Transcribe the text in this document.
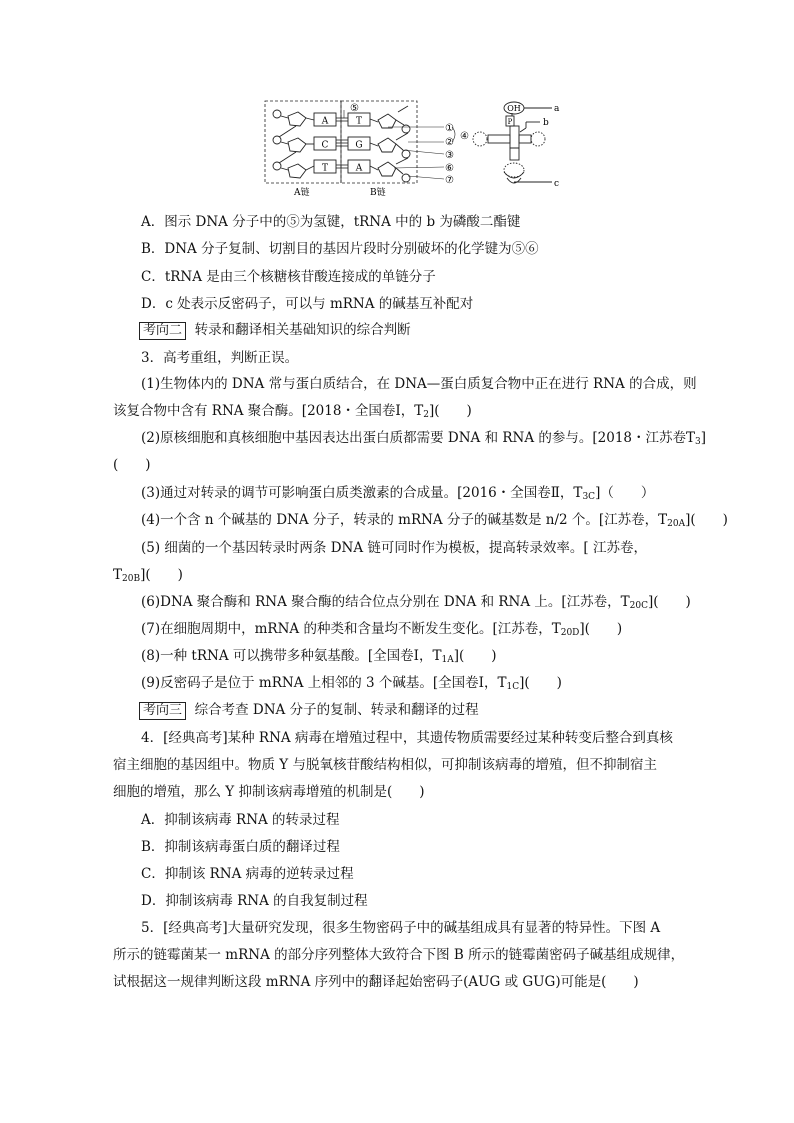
A
C
T
T
G
A
⑤
①
②
③
④
⑥
⑦
A链	B链
OH
P
a
b
c
A．图示 DNA 分子中的⑤为氢键，tRNA 中的 b 为磷酸二酯键
B．DNA 分子复制、切割目的基因片段时分别破坏的化学键为⑤⑥
C．tRNA 是由三个核糖核苷酸连接成的单链分子
D．c 处表示反密码子，可以与 mRNA 的碱基互补配对
考向二 转录和翻译相关基础知识的综合判断
3．高考重组，判断正误。
(1)生物体内的 DNA 常与蛋白质结合，在 DNA—蛋白质复合物中正在进行 RNA 的合成，则
该复合物中含有 RNA 聚合酶。[2018・全国卷Ⅰ，$T_2$](　　)
(2)原核细胞和真核细胞中基因表达出蛋白质都需要 DNA 和 RNA 的参与。[2018・江苏卷$T_3$]
(　　)
(3)通过对转录的调节可影响蛋白质类激素的合成量。[2016・全国卷Ⅱ，$T_{3C}$]（　　）
(4)一个含 n 个碱基的 DNA 分子，转录的 mRNA 分子的碱基数是 n/2 个。[江苏卷，$T_{20A}$](　　)
(5) 细菌的一个基因转录时两条 DNA 链可同时作为模板，提高转录效率。[ 江苏卷，
$T_{20B}$](　　)
(6)DNA 聚合酶和 RNA 聚合酶的结合位点分别在 DNA 和 RNA 上。[江苏卷，$T_{20C}$](　　)
(7)在细胞周期中，mRNA 的种类和含量均不断发生变化。[江苏卷，$T_{20D}$](　　)
(8)一种 tRNA 可以携带多种氨基酸。[全国卷Ⅰ，$T_{1A}$](　　)
(9)反密码子是位于 mRNA 上相邻的 3 个碱基。[全国卷Ⅰ，$T_{1C}$](　　)
考向三 综合考查 DNA 分子的复制、转录和翻译的过程
4．[经典高考]某种 RNA 病毒在增殖过程中，其遗传物质需要经过某种转变后整合到真核
宿主细胞的基因组中。物质 Y 与脱氧核苷酸结构相似，可抑制该病毒的增殖，但不抑制宿主
细胞的增殖，那么 Y 抑制该病毒增殖的机制是(　　)
A．抑制该病毒 RNA 的转录过程
B．抑制该病毒蛋白质的翻译过程
C．抑制该 RNA 病毒的逆转录过程
D．抑制该病毒 RNA 的自我复制过程
5．[经典高考]大量研究发现，很多生物密码子中的碱基组成具有显著的特异性。下图 A
所示的链霉菌某一 mRNA 的部分序列整体大致符合下图 B 所示的链霉菌密码子碱基组成规律，
试根据这一规律判断这段 mRNA 序列中的翻译起始密码子(AUG 或 GUG)可能是(　　)
